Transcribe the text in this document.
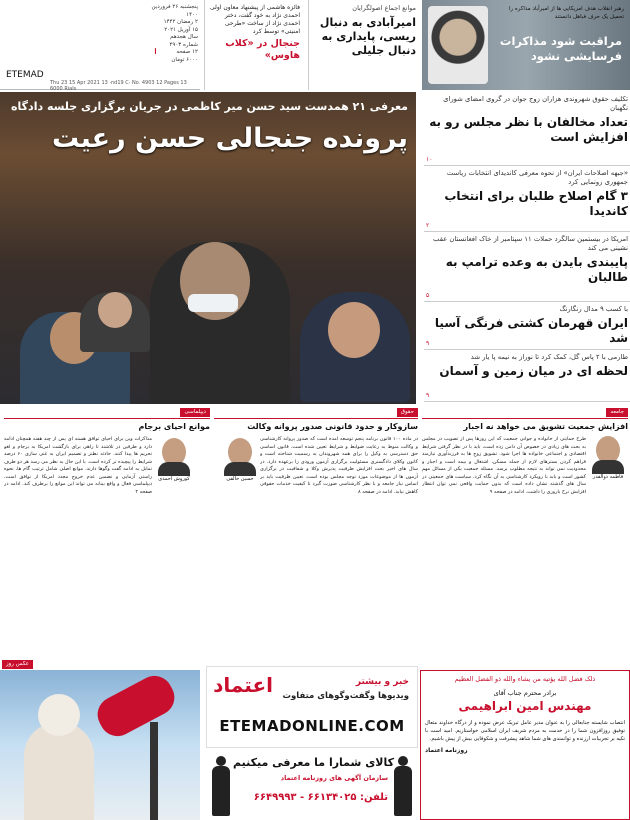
ETEMAD
پنجشنبه ۲۶ فروردین ۱۴۰۰
۲ رمضان ۱۴۴۲
۱۵ آوریل ۲۰۲۱
سال هجدهم
شماره ۴۹۰۳
۱۲ صفحه
۶۰۰۰ تومان
Thu 23 15 Apr 2021 13 ·nd19 C· No. 4903 12 Pages 13 6000 Rials
فائزه هاشمی از پیشنهاد معاون اولی احمدی نژاد به خود گفت، دختر احمدی نژاد از ساخت «طرحی امنیتی» توسط کرد
جنجال در «کلاب هاوس»
موانع اجماع اصولگرایان
امیرآبادی به دنبال ریسی، پایداری به دنبال جلیلی
رهبر انقلاب هدف امریکایی ها از امیرآباد مذاکره را تحمیل یک حرف فباهل دانستند
مراقبت شود مذاکرات فرسایشی نشود
معرفی ۲۱ همدست سید حسن میر کاظمی در جریان برگزاری جلسه دادگاه
پرونده جنجالی حسن رعیت
تکلیف حقوق شهروندی هزاران زوج جوان در گروی امضای شورای نگهبان
تعداد مخالفان با نظر مجلس رو به افزایش است
۱۰
«جبهه اصلاحات ایران» از نحوه معرفی کاندیدای انتخابات ریاست جمهوری رونمایی کرد
۳ گام اصلاح طلبان برای انتخاب کاندیدا
۲
امریکا در بیستمین سالگرد حملات ۱۱ سپتامبر از خاک افغانستان عقب نشینی می کند
پایبندی بایدن به وعده ترامپ به طالبان
۵
با کسب ۹ مدال رنگارنگ
ایران قهرمان کشتی فرنگی آسیا شد
۹
طارمی با ۲ پاس گل، کمک کرد تا نوراز به نیمه پا یار شد
لحظه ای در میان زمین و آسمان
۹
جامعه
افزایش جمعیت تشویق می خواهد نه اجبار
فاطمه ذوالقدر
طرح حمایتی از خانواده و جوانی جمعیت که این روزها پس از تصویب در مجلس به بحث های زیادی در خصوص آن دامن زده است، باید با در نظر گرفتن شرایط اقتصادی و اجتماعی خانواده ها اجرا شود. تشویق زوج ها به فرزندآوری نیازمند فراهم کردن بسترهای لازم از جمله مسکن، اشتغال و بیمه است و اجبار و محدودیت نمی تواند به نتیجه مطلوب برسد. مسئله جمعیت یکی از مسائل مهم کشور است و باید با رویکرد کارشناسی به آن نگاه کرد. سیاست های جمعیتی در سال های گذشته نشان داده است که بدون حمایت واقعی نمی توان انتظار افزایش نرخ باروری را داشت. ادامه در صفحه ۹
حقوق
سازوکار و حدود قانونی صدور پروانه وکالت
حسین خالقی
در ماده ۱۰۰ قانون برنامه پنجم توسعه آمده است که صدور پروانه کارشناسی و وکالت منوط به رعایت ضوابط و شرایط تعیین شده است. قانون اساسی حق دسترسی به وکیل را برای همه شهروندان به رسمیت شناخته است و کانون وکلای دادگستری مسئولیت برگزاری آزمون ورودی را برعهده دارد. در سال های اخیر بحث افزایش ظرفیت پذیرش وکلا و شفافیت در برگزاری آزمون ها از موضوعات مورد توجه مجلس بوده است. تعیین ظرفیت باید بر اساس نیاز جامعه و با نظر کارشناسی صورت گیرد تا کیفیت خدمات حقوقی کاهش نیابد. ادامه در صفحه ۸
دیپلماسی
موانع احیای برجام
کوروش احمدی
مذاکرات وین برای احیای توافق هسته ای پس از چند هفته همچنان ادامه دارد و طرفین در تلاشند تا راهی برای بازگشت امریکا به برجام و لغو تحریم ها پیدا کنند. حادثه نطنز و تصمیم ایران به غنی سازی ۶۰ درصد شرایط را پیچیده تر کرده است. با این حال به نظر می رسد هر دو طرف تمایل به ادامه گفت وگوها دارند. موانع اصلی شامل ترتیب گام ها، نحوه راستی آزمایی و تضمین عدم خروج مجدد امریکا از توافق است. دیپلماسی فعال و واقع بینانه می تواند این موانع را برطرف کند. ادامه در صفحه ۴
عکس روز
اعتماد	خبر و بیشتر
ویدیوها وگفت‌وگوهای متفاوت
ETEMADONLINE.COM
کالای شمارا ما معرفی میکنیم
سازمان آگهی های روزنامه اعتماد
تلفن: ۶۶۱۳۴۰۲۵ - ۶۶۴۹۹۹۳
ذلک فضل الله یؤتیه من یشاء والله ذو الفضل العظیم
برادر محترم جناب آقای
مهندس امین ابراهیمی
انتصاب شایسته جنابعالی را به عنوان مدیر عامل تبریک عرض نموده و از درگاه خداوند متعال توفیق روزافزون شما را در خدمت به مردم شریف ایران اسلامی خواستاریم. امید است با تکیه بر تجربیات ارزنده و توانمندی های شما شاهد پیشرفت و شکوفایی بیش از پیش باشیم.
روزنامه اعتماد
